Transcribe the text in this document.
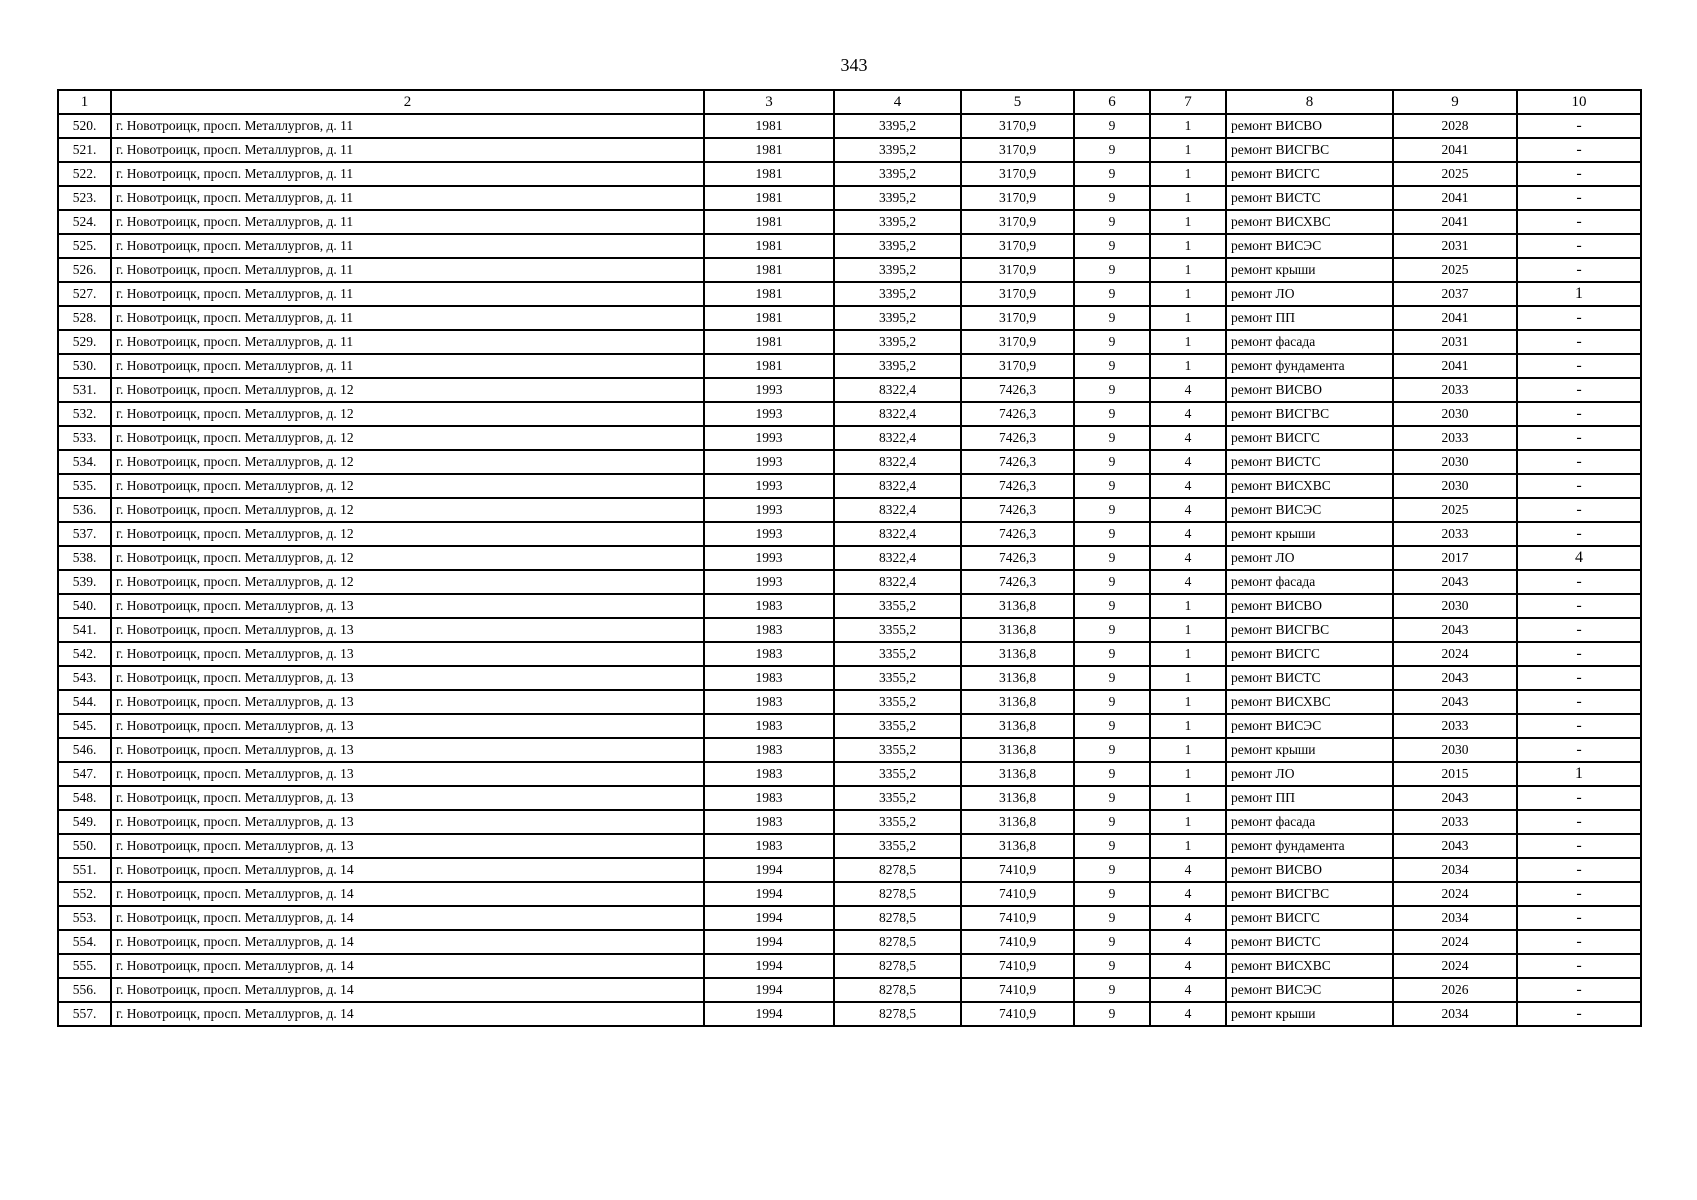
343
1	2	3	4	5	6	7	8	9	10
520.	г. Новотроицк, просп. Металлургов, д. 11	1981	3395,2	3170,9	9	1	ремонт ВИСВО	2028	-
521.	г. Новотроицк, просп. Металлургов, д. 11	1981	3395,2	3170,9	9	1	ремонт ВИСГВС	2041	-
522.	г. Новотроицк, просп. Металлургов, д. 11	1981	3395,2	3170,9	9	1	ремонт ВИСГС	2025	-
523.	г. Новотроицк, просп. Металлургов, д. 11	1981	3395,2	3170,9	9	1	ремонт ВИСТС	2041	-
524.	г. Новотроицк, просп. Металлургов, д. 11	1981	3395,2	3170,9	9	1	ремонт ВИСХВС	2041	-
525.	г. Новотроицк, просп. Металлургов, д. 11	1981	3395,2	3170,9	9	1	ремонт ВИСЭС	2031	-
526.	г. Новотроицк, просп. Металлургов, д. 11	1981	3395,2	3170,9	9	1	ремонт крыши	2025	-
527.	г. Новотроицк, просп. Металлургов, д. 11	1981	3395,2	3170,9	9	1	ремонт ЛО	2037	1
528.	г. Новотроицк, просп. Металлургов, д. 11	1981	3395,2	3170,9	9	1	ремонт ПП	2041	-
529.	г. Новотроицк, просп. Металлургов, д. 11	1981	3395,2	3170,9	9	1	ремонт фасада	2031	-
530.	г. Новотроицк, просп. Металлургов, д. 11	1981	3395,2	3170,9	9	1	ремонт фундамента	2041	-
531.	г. Новотроицк, просп. Металлургов, д. 12	1993	8322,4	7426,3	9	4	ремонт ВИСВО	2033	-
532.	г. Новотроицк, просп. Металлургов, д. 12	1993	8322,4	7426,3	9	4	ремонт ВИСГВС	2030	-
533.	г. Новотроицк, просп. Металлургов, д. 12	1993	8322,4	7426,3	9	4	ремонт ВИСГС	2033	-
534.	г. Новотроицк, просп. Металлургов, д. 12	1993	8322,4	7426,3	9	4	ремонт ВИСТС	2030	-
535.	г. Новотроицк, просп. Металлургов, д. 12	1993	8322,4	7426,3	9	4	ремонт ВИСХВС	2030	-
536.	г. Новотроицк, просп. Металлургов, д. 12	1993	8322,4	7426,3	9	4	ремонт ВИСЭС	2025	-
537.	г. Новотроицк, просп. Металлургов, д. 12	1993	8322,4	7426,3	9	4	ремонт крыши	2033	-
538.	г. Новотроицк, просп. Металлургов, д. 12	1993	8322,4	7426,3	9	4	ремонт ЛО	2017	4
539.	г. Новотроицк, просп. Металлургов, д. 12	1993	8322,4	7426,3	9	4	ремонт фасада	2043	-
540.	г. Новотроицк, просп. Металлургов, д. 13	1983	3355,2	3136,8	9	1	ремонт ВИСВО	2030	-
541.	г. Новотроицк, просп. Металлургов, д. 13	1983	3355,2	3136,8	9	1	ремонт ВИСГВС	2043	-
542.	г. Новотроицк, просп. Металлургов, д. 13	1983	3355,2	3136,8	9	1	ремонт ВИСГС	2024	-
543.	г. Новотроицк, просп. Металлургов, д. 13	1983	3355,2	3136,8	9	1	ремонт ВИСТС	2043	-
544.	г. Новотроицк, просп. Металлургов, д. 13	1983	3355,2	3136,8	9	1	ремонт ВИСХВС	2043	-
545.	г. Новотроицк, просп. Металлургов, д. 13	1983	3355,2	3136,8	9	1	ремонт ВИСЭС	2033	-
546.	г. Новотроицк, просп. Металлургов, д. 13	1983	3355,2	3136,8	9	1	ремонт крыши	2030	-
547.	г. Новотроицк, просп. Металлургов, д. 13	1983	3355,2	3136,8	9	1	ремонт ЛО	2015	1
548.	г. Новотроицк, просп. Металлургов, д. 13	1983	3355,2	3136,8	9	1	ремонт ПП	2043	-
549.	г. Новотроицк, просп. Металлургов, д. 13	1983	3355,2	3136,8	9	1	ремонт фасада	2033	-
550.	г. Новотроицк, просп. Металлургов, д. 13	1983	3355,2	3136,8	9	1	ремонт фундамента	2043	-
551.	г. Новотроицк, просп. Металлургов, д. 14	1994	8278,5	7410,9	9	4	ремонт ВИСВО	2034	-
552.	г. Новотроицк, просп. Металлургов, д. 14	1994	8278,5	7410,9	9	4	ремонт ВИСГВС	2024	-
553.	г. Новотроицк, просп. Металлургов, д. 14	1994	8278,5	7410,9	9	4	ремонт ВИСГС	2034	-
554.	г. Новотроицк, просп. Металлургов, д. 14	1994	8278,5	7410,9	9	4	ремонт ВИСТС	2024	-
555.	г. Новотроицк, просп. Металлургов, д. 14	1994	8278,5	7410,9	9	4	ремонт ВИСХВС	2024	-
556.	г. Новотроицк, просп. Металлургов, д. 14	1994	8278,5	7410,9	9	4	ремонт ВИСЭС	2026	-
557.	г. Новотроицк, просп. Металлургов, д. 14	1994	8278,5	7410,9	9	4	ремонт крыши	2034	-
